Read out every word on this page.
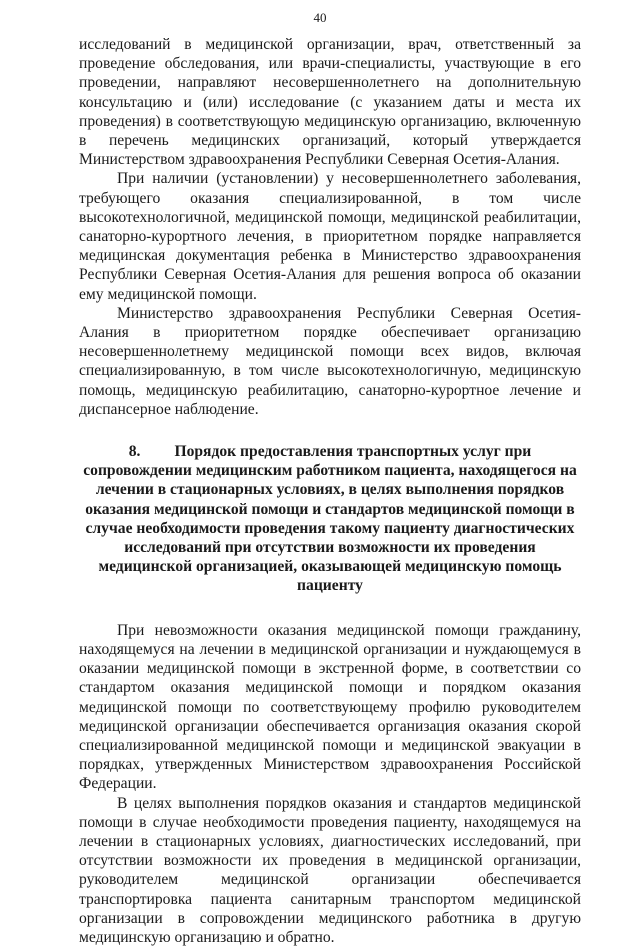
40

исследований в медицинской организации, врач, ответственный за проведение обследования, или врачи-специалисты, участвующие в его проведении, направляют несовершеннолетнего на дополнительную консультацию и (или) исследование (с указанием даты и места их проведения) в соответствующую медицинскую организацию, включенную в перечень медицинских организаций, который утверждается Министерством здравоохранения Республики Северная Осетия-Алания.

При наличии (установлении) у несовершеннолетнего заболевания, требующего оказания специализированной, в том числе высокотехнологичной, медицинской помощи, медицинской реабилитации, санаторно-курортного лечения, в приоритетном порядке направляется медицинская документация ребенка в Министерство здравоохранения Республики Северная Осетия-Алания для решения вопроса об оказании ему медицинской помощи.

Министерство здравоохранения Республики Северная Осетия-Алания в приоритетном порядке обеспечивает организацию несовершеннолетнему медицинской помощи всех видов, включая специализированную, в том числе высокотехнологичную, медицинскую помощь, медицинскую реабилитацию, санаторно-курортное лечение и диспансерное наблюдение.

8. Порядок предоставления транспортных услуг при сопровождении медицинским работником пациента, находящегося на лечении в стационарных условиях, в целях выполнения порядков оказания медицинской помощи и стандартов медицинской помощи в случае необходимости проведения такому пациенту диагностических исследований при отсутствии возможности их проведения медицинской организацией, оказывающей медицинскую помощь пациенту

При невозможности оказания медицинской помощи гражданину, находящемуся на лечении в медицинской организации и нуждающемуся в оказании медицинской помощи в экстренной форме, в соответствии со стандартом оказания медицинской помощи и порядком оказания медицинской помощи по соответствующему профилю руководителем медицинской организации обеспечивается организация оказания скорой специализированной медицинской помощи и медицинской эвакуации в порядках, утвержденных Министерством здравоохранения Российской Федерации.

В целях выполнения порядков оказания и стандартов медицинской помощи в случае необходимости проведения пациенту, находящемуся на лечении в стационарных условиях, диагностических исследований, при отсутствии возможности их проведения в медицинской организации, руководителем медицинской организации обеспечивается транспортировка пациента санитарным транспортом медицинской организации в сопровождении медицинского работника в другую медицинскую организацию и обратно.
